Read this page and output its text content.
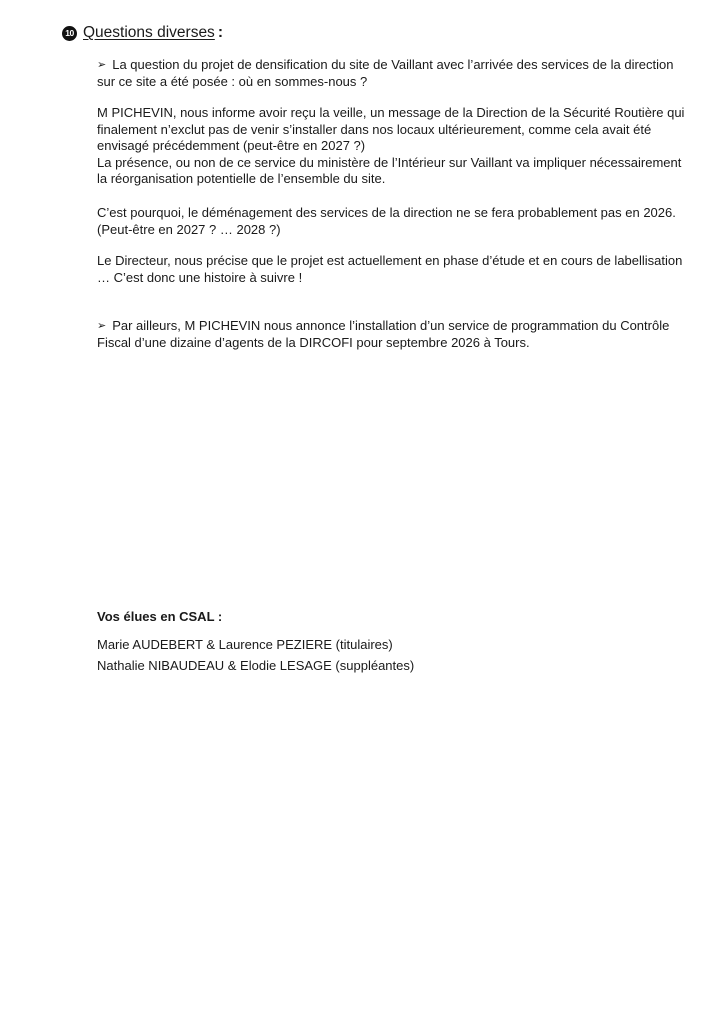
10 Questions diverses :

➢ La question du projet de densification du site de Vaillant avec l’arrivée des services de la direction sur ce site a été posée : où en sommes-nous ?

M PICHEVIN, nous informe avoir reçu la veille, un message de la Direction de la Sécurité Routière qui finalement n’exclut pas de venir s’installer dans nos locaux ultérieurement, comme cela avait été envisagé précédemment (peut-être en 2027 ?)

La présence, ou non de ce service du ministère de l’Intérieur sur Vaillant va impliquer nécessairement la réorganisation potentielle de l’ensemble du site.

C’est pourquoi, le déménagement des services de la direction ne se fera probablement pas en 2026. (Peut-être en 2027 ? … 2028 ?)

Le Directeur, nous précise que le projet est actuellement en phase d’étude et en cours de labellisation … C’est donc une histoire à suivre !

➢ Par ailleurs, M PICHEVIN nous annonce l’installation d’un service de programmation du Contrôle Fiscal d’une dizaine d’agents de la DIRCOFI pour septembre 2026 à Tours.

Vos élues en CSAL :
Marie AUDEBERT & Laurence PEZIERE (titulaires)
Nathalie NIBAUDEAU & Elodie LESAGE (suppléantes)
